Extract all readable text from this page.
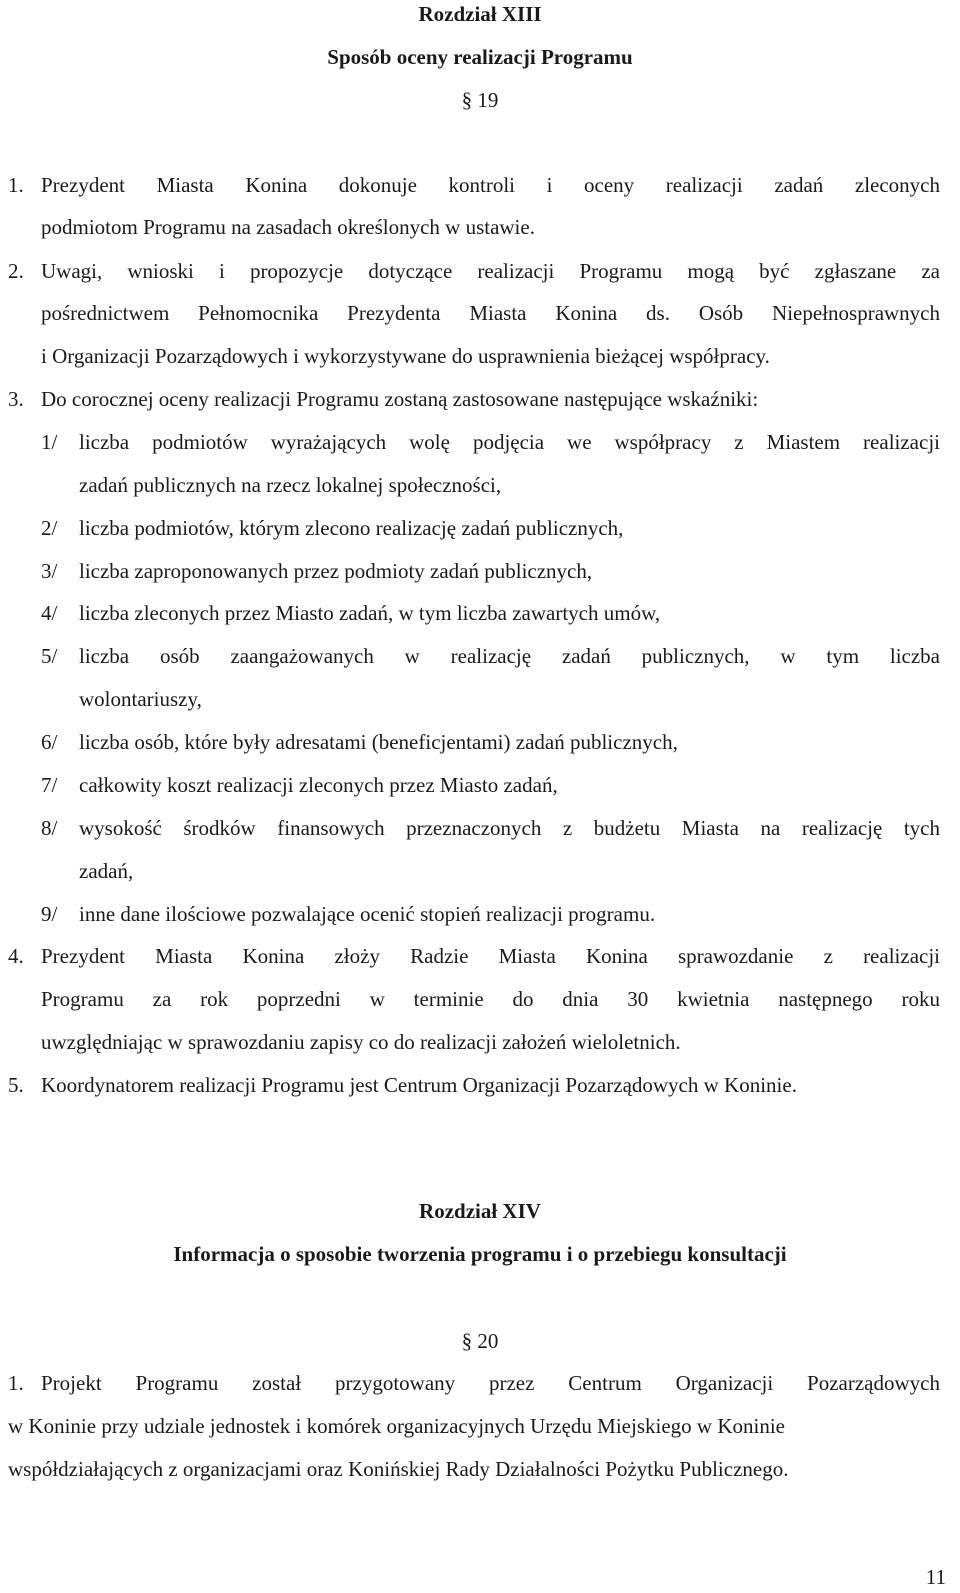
Rozdział XIII
Sposób oceny realizacji Programu
§ 19
1. Prezydent Miasta Konina dokonuje kontroli i oceny realizacji zadań zleconych
podmiotom Programu na zasadach określonych w ustawie.
2. Uwagi, wnioski i propozycje dotyczące realizacji Programu mogą być zgłaszane za
pośrednictwem Pełnomocnika Prezydenta Miasta Konina ds. Osób Niepełnosprawnych
i Organizacji Pozarządowych i wykorzystywane do usprawnienia bieżącej współpracy.
3. Do corocznej oceny realizacji Programu zostaną zastosowane następujące wskaźniki:
1/ liczba podmiotów wyrażających wolę podjęcia we współpracy z Miastem realizacji
zadań publicznych na rzecz lokalnej społeczności,
2/ liczba podmiotów, którym zlecono realizację zadań publicznych,
3/ liczba zaproponowanych przez podmioty zadań publicznych,
4/ liczba zleconych przez Miasto zadań, w tym liczba zawartych umów,
5/ liczba osób zaangażowanych w realizację zadań publicznych, w tym liczba
wolontariuszy,
6/ liczba osób, które były adresatami (beneficjentami) zadań publicznych,
7/ całkowity koszt realizacji zleconych przez Miasto zadań,
8/ wysokość środków finansowych przeznaczonych z budżetu Miasta na realizację tych
zadań,
9/ inne dane ilościowe pozwalające ocenić stopień realizacji programu.
4. Prezydent Miasta Konina złoży Radzie Miasta Konina sprawozdanie z realizacji
Programu za rok poprzedni w terminie do dnia 30 kwietnia następnego roku
uwzględniając w sprawozdaniu zapisy co do realizacji założeń wieloletnich.
5. Koordynatorem realizacji Programu jest Centrum Organizacji Pozarządowych w Koninie.
Rozdział XIV
Informacja o sposobie tworzenia programu i o przebiegu konsultacji
§ 20
1. Projekt Programu został przygotowany przez Centrum Organizacji Pozarządowych
w Koninie przy udziale jednostek i komórek organizacyjnych Urzędu Miejskiego w Koninie
współdziałających z organizacjami oraz Konińskiej Rady Działalności Pożytku Publicznego.
11
